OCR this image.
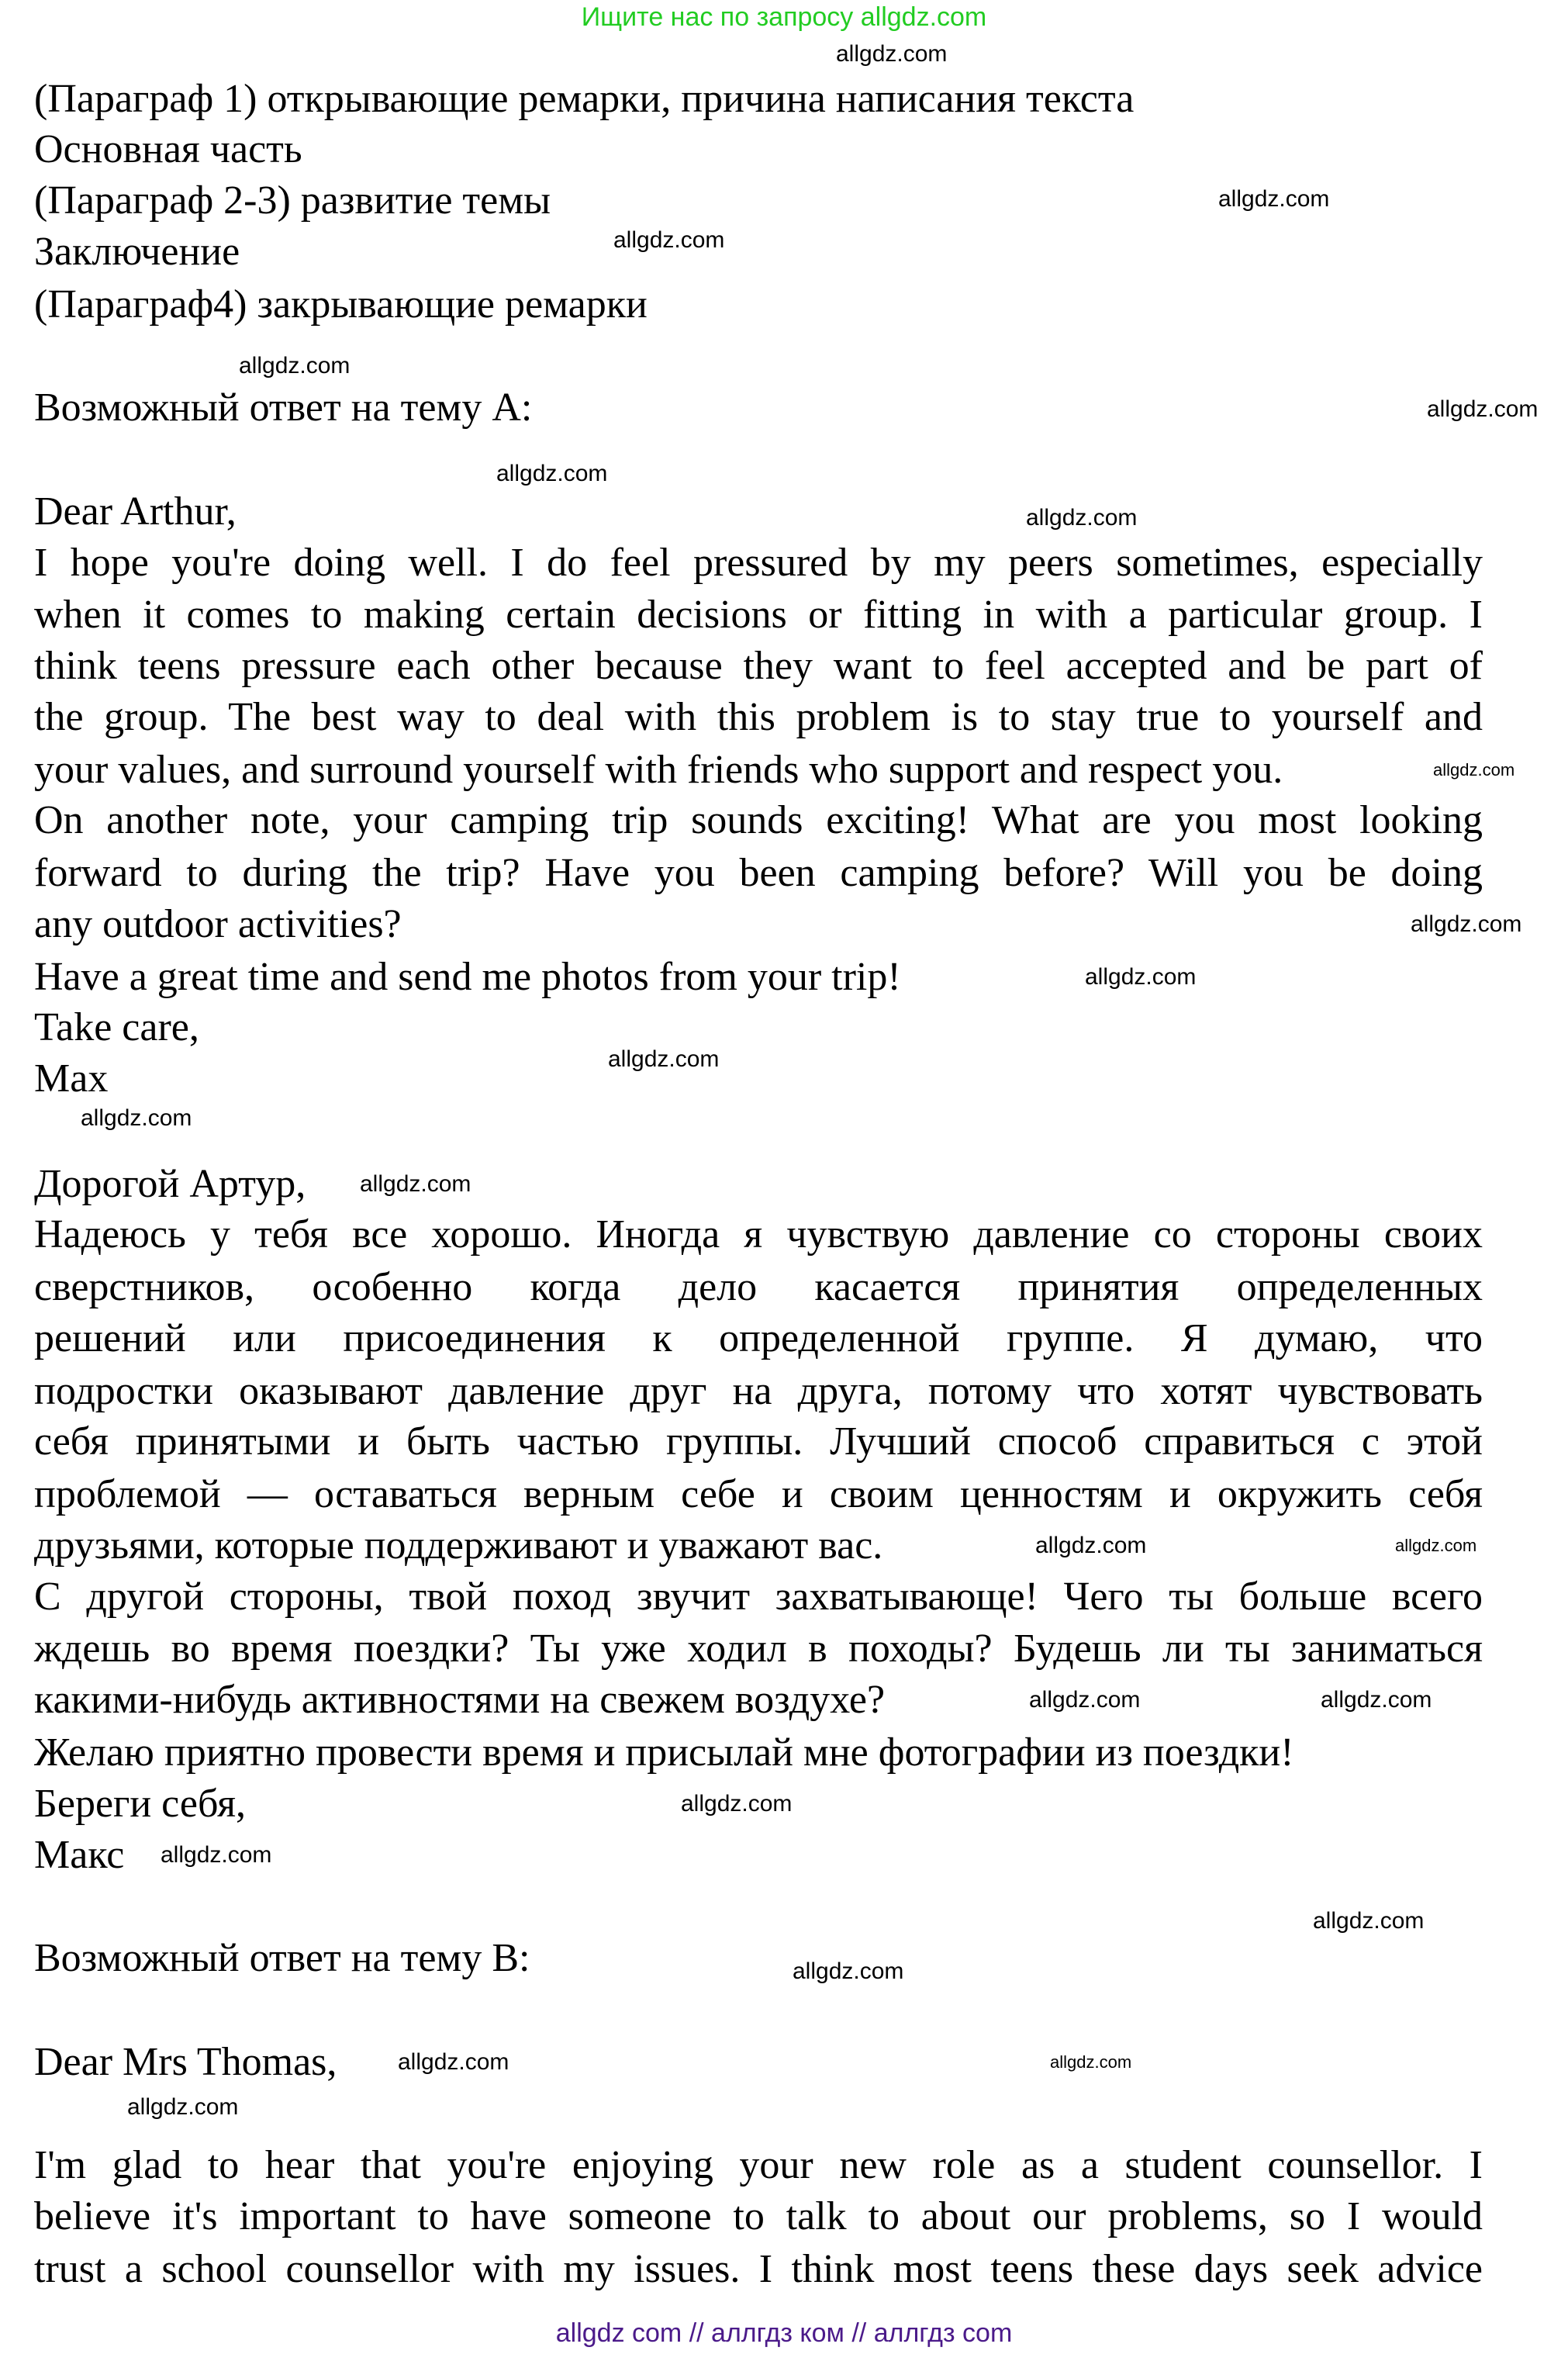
Ищите нас по запросу allgdz.com
(Параграф 1) открывающие ремарки, причина написания текста
Основная часть
(Параграф 2-3) развитие темы
Заключение
(Параграф4) закрывающие ремарки
Возможный ответ на тему A:
Dear Arthur,
I hope you're doing well. I do feel pressured by my peers sometimes, especially
when it comes to making certain decisions or fitting in with a particular group. I
think teens pressure each other because they want to feel accepted and be part of
the group. The best way to deal with this problem is to stay true to yourself and
your values, and surround yourself with friends who support and respect you.
On another note, your camping trip sounds exciting! What are you most looking
forward to during the trip? Have you been camping before? Will you be doing
any outdoor activities?
Have a great time and send me photos from your trip!
Take care,
Max
Дорогой Артур,
Надеюсь у тебя все хорошо. Иногда я чувствую давление со стороны своих
сверстников, особенно когда дело касается принятия определенных
решений или присоединения к определенной группе. Я думаю, что
подростки оказывают давление друг на друга, потому что хотят чувствовать
себя принятыми и быть частью группы. Лучший способ справиться с этой
проблемой — оставаться верным себе и своим ценностям и окружить себя
друзьями, которые поддерживают и уважают вас.
С другой стороны, твой поход звучит захватывающе! Чего ты больше всего
ждешь во время поездки? Ты уже ходил в походы? Будешь ли ты заниматься
какими-нибудь активностями на свежем воздухе?
Желаю приятно провести время и присылай мне фотографии из поездки!
Береги себя,
Макс
Возможный ответ на тему B:
Dear Mrs Thomas,
I'm glad to hear that you're enjoying your new role as a student counsellor. I
believe it's important to have someone to talk to about our problems, so I would
trust a school counsellor with my issues. I think most teens these days seek advice
allgdz.com
allgdz.com
allgdz.com
allgdz.com
allgdz.com
allgdz.com
allgdz.com
allgdz.com
allgdz.com
allgdz.com
allgdz.com
allgdz.com
allgdz.com
allgdz.com
allgdz.com
allgdz.com
allgdz.com
allgdz.com
allgdz.com
allgdz.com
allgdz.com
allgdz.com
allgdz.com
allgdz.com
allgdz com // аллгдз ком // аллгдз com
